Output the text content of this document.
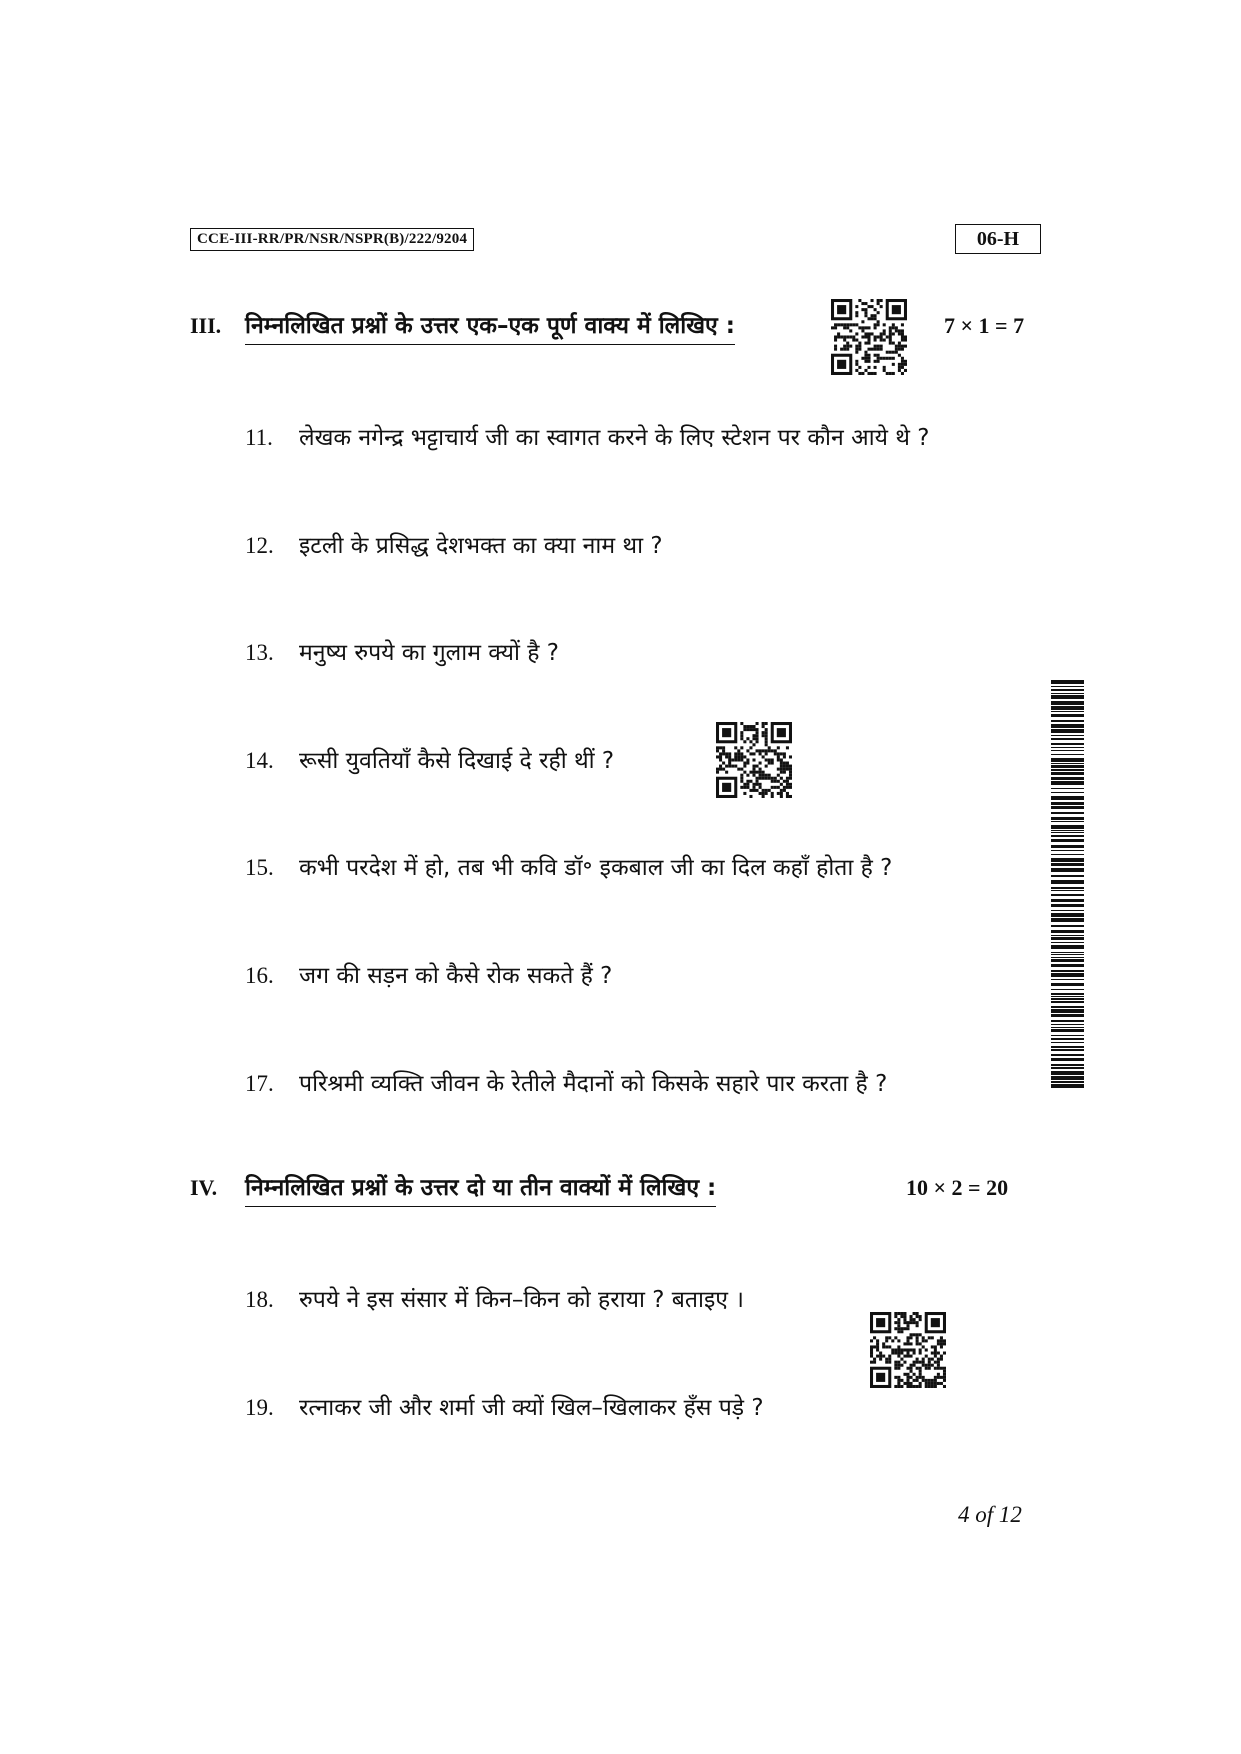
CCE-III-RR/PR/NSR/NSPR(B)/222/9204	06-H
III. निम्नलिखित प्रश्नों के उत्तर एक–एक पूर्ण वाक्य में लिखिए :	7 × 1 = 7
11. लेखक नगेन्द्र भट्टाचार्य जी का स्वागत करने के लिए स्टेशन पर कौन आये थे ?
12. इटली के प्रसिद्ध देशभक्त का क्या नाम था ?
13. मनुष्य रुपये का गुलाम क्यों है ?
14. रूसी युवतियाँ कैसे दिखाई दे रही थीं ?
15. कभी परदेश में हो, तब भी कवि डॉ॰ इकबाल जी का दिल कहाँ होता है ?
16. जग की सड़न को कैसे रोक सकते हैं ?
17. परिश्रमी व्यक्ति जीवन के रेतीले मैदानों को किसके सहारे पार करता है ?
IV. निम्नलिखित प्रश्नों के उत्तर दो या तीन वाक्यों में लिखिए :	10 × 2 = 20
18. रुपये ने इस संसार में किन–किन को हराया ? बताइए ।
19. रत्नाकर जी और शर्मा जी क्यों खिल–खिलाकर हँस पड़े ?
4 of 12
